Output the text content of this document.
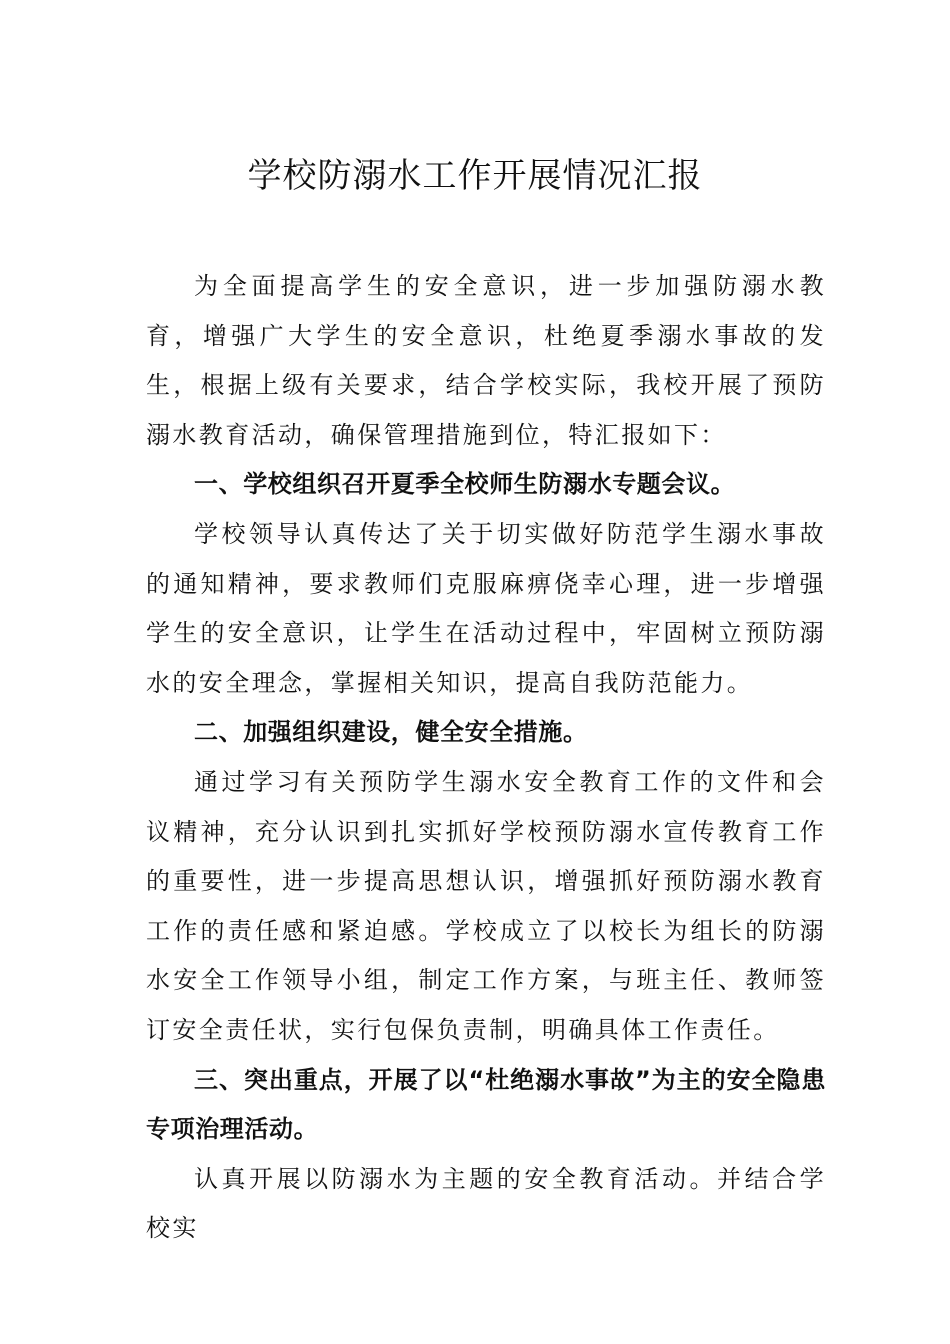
学校防溺水工作开展情况汇报

为全面提高学生的安全意识，进一步加强防溺水教育，增强广大学生的安全意识，杜绝夏季溺水事故的发生，根据上级有关要求，结合学校实际，我校开展了预防溺水教育活动，确保管理措施到位，特汇报如下：

一、学校组织召开夏季全校师生防溺水专题会议。

学校领导认真传达了关于切实做好防范学生溺水事故的通知精神，要求教师们克服麻痹侥幸心理，进一步增强学生的安全意识，让学生在活动过程中，牢固树立预防溺水的安全理念，掌握相关知识，提高自我防范能力。

二、加强组织建设，健全安全措施。

通过学习有关预防学生溺水安全教育工作的文件和会议精神，充分认识到扎实抓好学校预防溺水宣传教育工作的重要性，进一步提高思想认识，增强抓好预防溺水教育工作的责任感和紧迫感。学校成立了以校长为组长的防溺水安全工作领导小组，制定工作方案，与班主任、教师签订安全责任状，实行包保负责制，明确具体工作责任。

三、突出重点，开展了以“杜绝溺水事故”为主的安全隐患专项治理活动。

认真开展以防溺水为主题的安全教育活动。并结合学校实
